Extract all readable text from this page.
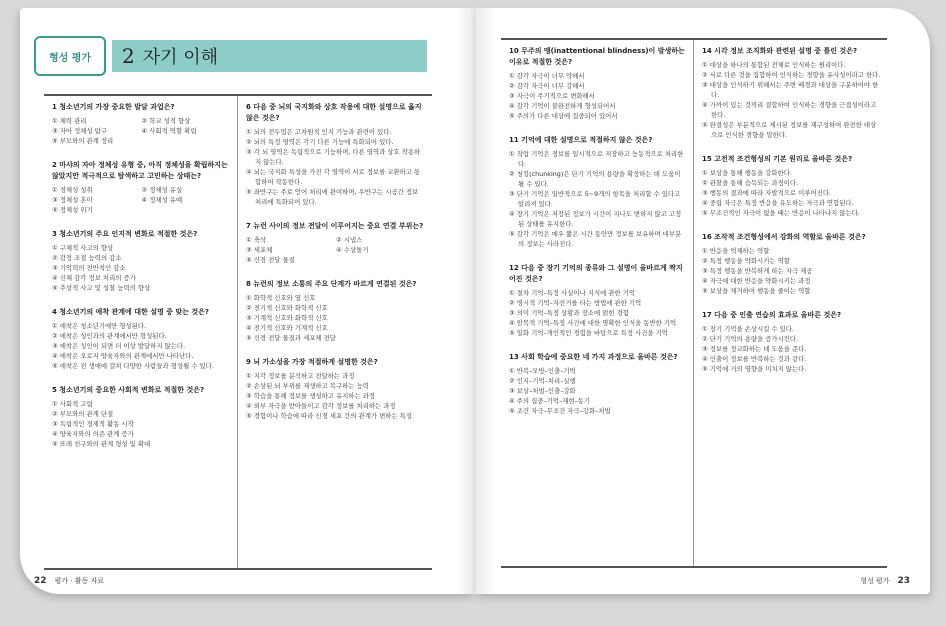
형성 평가	2 자기 이해
1 청소년기의 가장 중요한 발달 과업은?
① 체력 관리	② 학교 성적 향상
③ 자아 정체성 탐구	④ 사회적 역할 확립
⑤ 부모와의 관계 정리
2 마샤의 자아 정체성 유형 중, 아직 정체성을 확립하지는 않았지만 적극적으로 탐색하고 고민하는 상태는?
① 정체성 성취	② 정체성 유실
③ 정체성 혼미	④ 정체성 유예
⑤ 정체성 위기
3 청소년기의 주요 인지적 변화로 적절한 것은?
① 구체적 사고의 향상
② 감정 조절 능력의 감소
③ 기억력의 전반적인 감소
④ 신체 감각 정보 처리의 증가
⑤ 추상적 사고 및 성찰 능력의 향상
4 청소년기의 애착 관계에 대한 설명 중 맞는 것은?
① 애착은 청소년기에만 형성된다.
② 애착은 성인과의 관계에서만 형성된다.
③ 애착은 성인이 되면 더 이상 발달하지 않는다.
④ 애착은 오로지 양육자와의 관계에서만 나타난다.
⑤ 애착은 전 생애에 걸쳐 다양한 사람들과 형성될 수 있다.
5 청소년기의 중요한 사회적 변화로 적절한 것은?
① 사회적 고립
② 부모와의 관계 단절
③ 독립적인 경제적 활동 시작
④ 양육자와의 의존 관계 증가
⑤ 또래 친구와의 관계 형성 및 확대
6 다음 중 뇌의 국지화와 상호 작용에 대한 설명으로 옳지 않은 것은?
① 뇌의 전두엽은 고차원적 인지 기능과 관련이 있다.
② 뇌의 특정 영역은 각기 다른 기능에 특화되어 있다.
③ 각 뇌 영역은 독립적으로 기능하며, 다른 영역과 상호 작용하지 않는다.
④ 뇌는 국지화 특성을 가진 각 영역이 서로 정보를 교환하고 통합하여 작동한다.
⑤ 좌반구는 주로 언어 처리에 관여하며, 우반구는 시공간 정보 처리에 특화되어 있다.
7 뉴런 사이의 정보 전달이 이루어지는 중요 연결 부위는?
① 축삭	② 시냅스
③ 세포체	④ 수상돌기
⑤ 신경 전달 물질
8 뉴런의 정보 소통의 주요 단계가 바르게 연결된 것은?
① 화학적 신호와 열 신호
② 전기적 신호와 화학적 신호
③ 기계적 신호와 화학적 신호
④ 전기적 신호와 기계적 신호
⑤ 신경 전달 물질과 세포체 전달
9 뇌 가소성을 가장 적절하게 설명한 것은?
① 지각 정보를 분석하고 전달하는 과정
② 손상된 뇌 부위를 재생하고 복구하는 능력
③ 학습을 통해 정보를 생성하고 유지하는 과정
④ 외부 자극을 받아들이고 감각 정보를 처리하는 과정
⑤ 경험이나 학습에 따라 신경 세포 간의 관계가 변하는 특성
22 평가 · 활동 자료
10 무주의 맹(inattentional blindness)이 발생하는 이유로 적절한 것은?
① 감각 자극이 너무 약해서
② 감각 자극이 너무 강해서
③ 자극이 주기적으로 변화해서
④ 감각 기억이 불완전하게 형성되어서
⑤ 주의가 다른 대상에 집중되어 있어서
11 기억에 대한 설명으로 적절하지 않은 것은?
① 작업 기억은 정보를 일시적으로 저장하고 능동적으로 처리한다.
② 청킹(chunking)은 단기 기억의 용량을 확장하는 데 도움이 될 수 있다.
③ 단기 기억은 일반적으로 5~9개의 항목을 처리할 수 있다고 알려져 있다.
④ 장기 기억은 저장된 정보가 시간이 지나도 변하지 않고 고정된 상태를 유지한다.
⑤ 감각 기억은 매우 짧은 시간 동안만 정보를 보유하며 대부분의 정보는 사라진다.
12 다음 중 장기 기억의 종류와 그 설명이 올바르게 짝지어진 것은?
① 절차 기억–특정 사실이나 지식에 관한 기억
② 명시적 기억–자전거를 타는 방법에 관한 기억
③ 의미 기억–특정 상황과 장소에 얽힌 경험
④ 암묵적 기억–특정 사건에 대한 명확한 인식을 동반한 기억
⑤ 일화 기억–개인적인 경험을 바탕으로 특정 사건을 기억
13 사회 학습에 중요한 네 가지 과정으로 올바른 것은?
① 반복–모방–인출–기억
② 인지–기억–처리–실행
③ 보상–처벌–인출–강화
④ 주의 집중–기억–재현–동기
⑤ 조건 자극–무조건 자극–강화–처벌
14 시각 정보 조직화와 관련된 설명 중 틀린 것은?
① 대상을 하나의 통합된 전체로 인식하는 원리이다.
② 서로 다른 것을 집합하여 인식하는 경향을 유사성이라고 한다.
③ 대상을 인식하기 위해서는 주변 배경과 대상을 구분하여야 한다.
④ 가까이 있는 것끼리 결합하여 인식하는 경향을 근접성이라고 한다.
⑤ 완결성은 부분적으로 제시된 정보를 재구성하여 완전한 대상으로 인식한 경향을 말한다.
15 고전적 조건형성의 기본 원리로 올바른 것은?
① 보상을 통해 행동을 강화한다.
② 관찰을 통해 습득되는 과정이다.
③ 행동의 결과에 따라 자발적으로 이루어진다.
④ 중립 자극은 특정 반응을 유도하는 자극과 연합된다.
⑤ 무조건적인 자극이 없을 때는 반응이 나타나지 않는다.
16 조작적 조건형성에서 강화의 역할로 올바른 것은?
① 반응을 억제하는 역할
② 특정 행동을 약화시키는 역할
③ 특정 행동을 반복하게 하는 자극 제공
④ 자극에 대한 반응을 약화시키는 과정
⑤ 보상을 제거하여 행동을 줄이는 역할
17 다음 중 인출 연습의 효과로 올바른 것은?
① 장기 기억을 손상시킬 수 있다.
② 단기 기억의 용량을 증가시킨다.
③ 정보를 정교화하는 데 도움을 준다.
④ 인출이 정보를 반복하는 것과 같다.
⑤ 기억에 거의 영향을 미치지 않는다.
형성 평가 23
